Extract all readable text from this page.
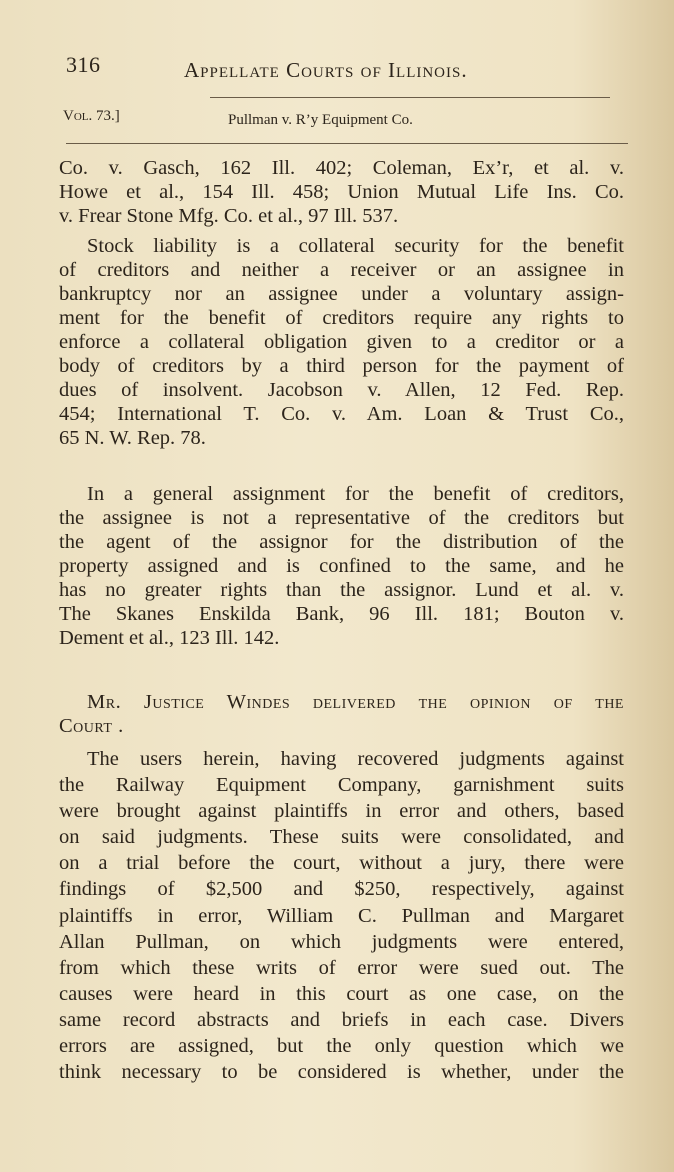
316	Appellate Courts of Illinois.
Vol. 73.]	Pullman v. R’y Equipment Co.
Co. v. Gasch, 162 Ill. 402; Coleman, Ex’r, et al. v.
Howe et al., 154 Ill. 458; Union Mutual Life Ins. Co.
v. Frear Stone Mfg. Co. et al., 97 Ill. 537.
Stock liability is a collateral security for the benefit
of creditors and neither a receiver or an assignee in
bankruptcy nor an assignee under a voluntary assign-
ment for the benefit of creditors require any rights to
enforce a collateral obligation given to a creditor or a
body of creditors by a third person for the payment of
dues of insolvent. Jacobson v. Allen, 12 Fed. Rep.
454; International T. Co. v. Am. Loan & Trust Co.,
65 N. W. Rep. 78.
In a general assignment for the benefit of creditors,
the assignee is not a representative of the creditors but
the agent of the assignor for the distribution of the
property assigned and is confined to the same, and he
has no greater rights than the assignor. Lund et al. v.
The Skanes Enskilda Bank, 96 Ill. 181; Bouton v.
Dement et al., 123 Ill. 142.
Mr. Justice Windes delivered the opinion of the
Court .
The users herein, having recovered judgments against
the Railway Equipment Company, garnishment suits
were brought against plaintiffs in error and others, based
on said judgments. These suits were consolidated, and
on a trial before the court, without a jury, there were
findings of $2,500 and $250, respectively, against
plaintiffs in error, William C. Pullman and Margaret
Allan Pullman, on which judgments were entered,
from which these writs of error were sued out. The
causes were heard in this court as one case, on the
same record abstracts and briefs in each case. Divers
errors are assigned, but the only question which we
think necessary to be considered is whether, under the
